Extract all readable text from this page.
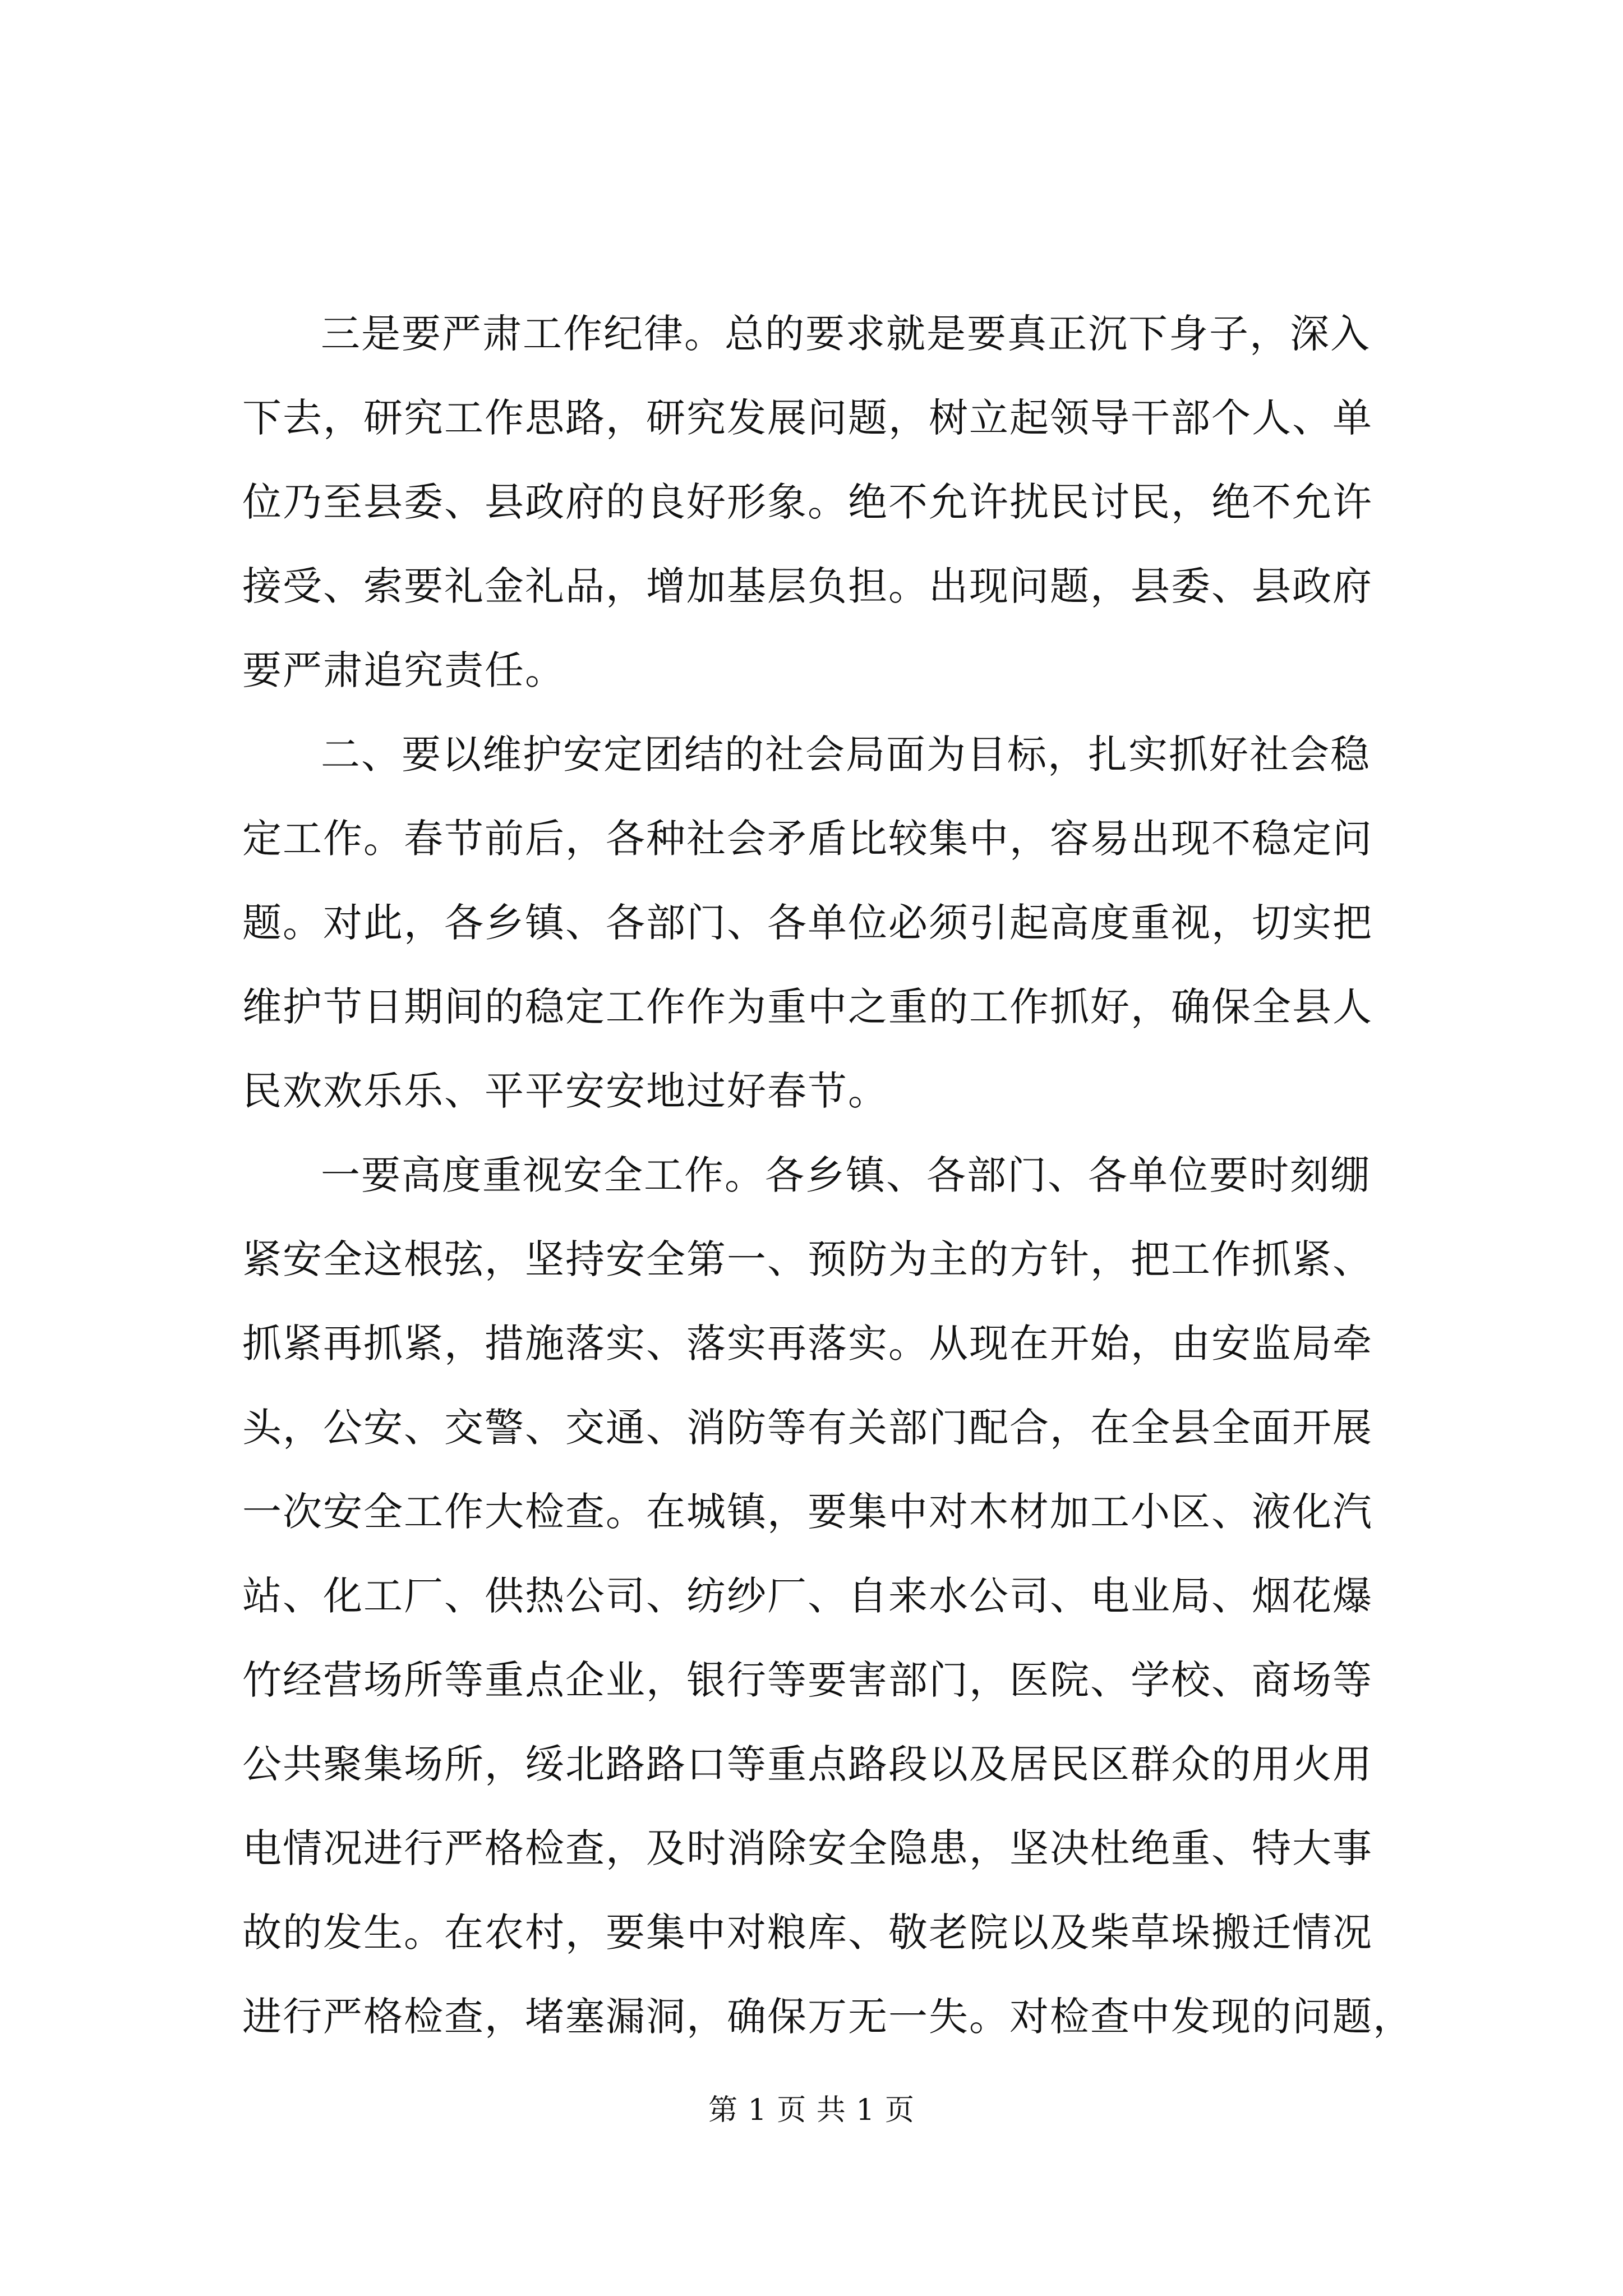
三是要严肃工作纪律。总的要求就是要真正沉下身子，深入
下去，研究工作思路，研究发展问题，树立起领导干部个人、单
位乃至县委、县政府的良好形象。绝不允许扰民讨民，绝不允许
接受、索要礼金礼品，增加基层负担。出现问题，县委、县政府
要严肃追究责任。
二、要以维护安定团结的社会局面为目标，扎实抓好社会稳
定工作。春节前后，各种社会矛盾比较集中，容易出现不稳定问
题。对此，各乡镇、各部门、各单位必须引起高度重视，切实把
维护节日期间的稳定工作作为重中之重的工作抓好，确保全县人
民欢欢乐乐、平平安安地过好春节。
一要高度重视安全工作。各乡镇、各部门、各单位要时刻绷
紧安全这根弦，坚持安全第一、预防为主的方针，把工作抓紧、
抓紧再抓紧，措施落实、落实再落实。从现在开始，由安监局牵
头，公安、交警、交通、消防等有关部门配合，在全县全面开展
一次安全工作大检查。在城镇，要集中对木材加工小区、液化汽
站、化工厂、供热公司、纺纱厂、自来水公司、电业局、烟花爆
竹经营场所等重点企业，银行等要害部门，医院、学校、商场等
公共聚集场所，绥北路路口等重点路段以及居民区群众的用火用
电情况进行严格检查，及时消除安全隐患，坚决杜绝重、特大事
故的发生。在农村，要集中对粮库、敬老院以及柴草垛搬迁情况
进行严格检查，堵塞漏洞，确保万无一失。对检查中发现的问题，
第 1 页 共 1 页
